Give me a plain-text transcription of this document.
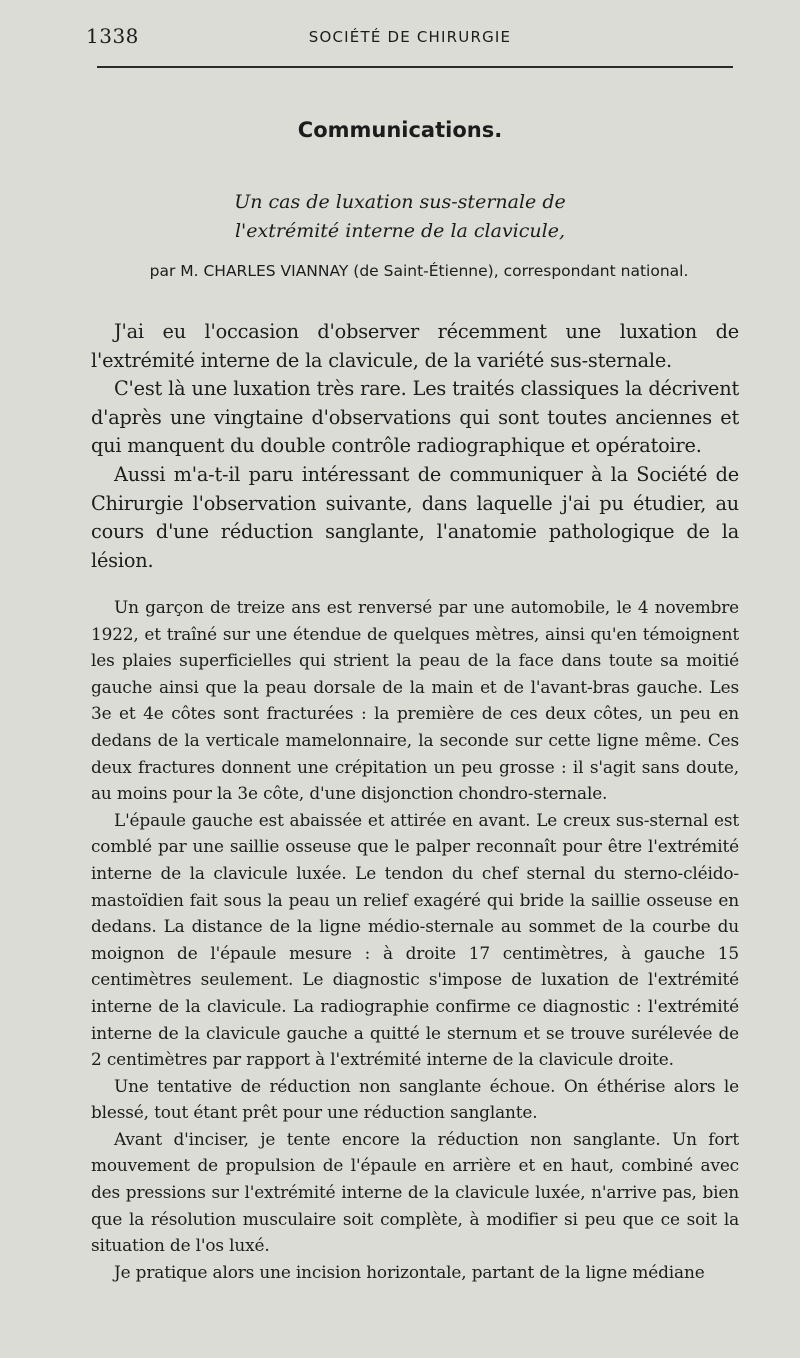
1338	SOCIÉTÉ DE CHIRURGIE
Communications.
Un cas de luxation sus-sternale de
l'extrémité interne de la clavicule,
par M. CHARLES VIANNAY (de Saint-Étienne), correspondant national.

J'ai eu l'occasion d'observer récemment une luxation de l'extrémité interne de la clavicule, de la variété sus-sternale.

C'est là une luxation très rare. Les traités classiques la décrivent d'après une vingtaine d'observations qui sont toutes anciennes et qui manquent du double contrôle radiographique et opératoire.

Aussi m'a-t-il paru intéressant de communiquer à la Société de Chirurgie l'observation suivante, dans laquelle j'ai pu étudier, au cours d'une réduction sanglante, l'anatomie pathologique de la lésion.

Un garçon de treize ans est renversé par une automobile, le 4 novembre 1922, et traîné sur une étendue de quelques mètres, ainsi qu'en témoignent les plaies superficielles qui strient la peau de la face dans toute sa moitié gauche ainsi que la peau dorsale de la main et de l'avant-bras gauche. Les 3e et 4e côtes sont fracturées : la première de ces deux côtes, un peu en dedans de la verticale mamelonnaire, la seconde sur cette ligne même. Ces deux fractures donnent une crépitation un peu grosse : il s'agit sans doute, au moins pour la 3e côte, d'une disjonction chondro-sternale.

L'épaule gauche est abaissée et attirée en avant. Le creux sus-sternal est comblé par une saillie osseuse que le palper reconnaît pour être l'extrémité interne de la clavicule luxée. Le tendon du chef sternal du sterno-cléido-mastoïdien fait sous la peau un relief exagéré qui bride la saillie osseuse en dedans. La distance de la ligne médio-sternale au sommet de la courbe du moignon de l'épaule mesure : à droite 17 centimètres, à gauche 15 centimètres seulement. Le diagnostic s'impose de luxation de l'extrémité interne de la clavicule. La radiographie confirme ce diagnostic : l'extrémité interne de la clavicule gauche a quitté le sternum et se trouve surélevée de 2 centimètres par rapport à l'extrémité interne de la clavicule droite.

Une tentative de réduction non sanglante échoue. On éthérise alors le blessé, tout étant prêt pour une réduction sanglante.

Avant d'inciser, je tente encore la réduction non sanglante. Un fort mouvement de propulsion de l'épaule en arrière et en haut, combiné avec des pressions sur l'extrémité interne de la clavicule luxée, n'arrive pas, bien que la résolution musculaire soit complète, à modifier si peu que ce soit la situation de l'os luxé.

Je pratique alors une incision horizontale, partant de la ligne médiane
